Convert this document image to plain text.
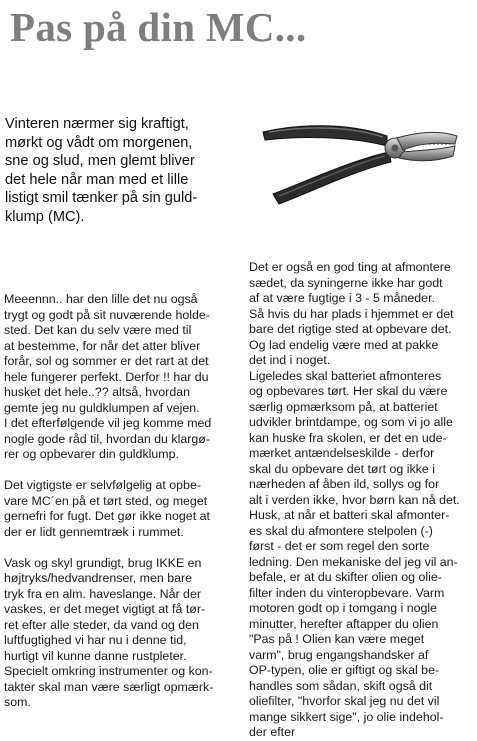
Pas på din MC...
Vinteren nærmer sig kraftigt,
mørkt og vådt om morgenen,
sne og slud, men glemt bliver
det hele når man med et lille
listigt smil tænker på sin guld-
klump (MC).
Meeennn.. har den lille det nu også
trygt og godt på sit nuværende holde-
sted. Det kan du selv være med til
at bestemme, for når det atter bliver
forår, sol og sommer er det rart at det
hele fungerer perfekt. Derfor !! har du
husket det hele..?? altså, hvordan
gemte jeg nu guldklumpen af vejen.
I det efterfølgende vil jeg komme med
nogle gode råd til, hvordan du klargø-
rer og opbevarer din guldklump.
Det vigtigste er selvfølgelig at opbe-
vare MC´en på et tørt sted, og meget
gernefri for fugt. Det gør ikke noget at
der er lidt gennemtræk i rummet.
Vask og skyl grundigt, brug IKKE en
højtryks/hedvandrenser, men bare
tryk fra en alm. haveslange. Når der
vaskes, er det meget vigtigt at få tør-
ret efter alle steder, da vand og den
luftfugtighed vi har nu i denne tid,
hurtigt vil kunne danne rustpleter.
Specielt omkring instrumenter og kon-
takter skal man være særligt opmærk-
som.
Det er også en god ting at afmontere
sædet, da syningerne ikke har godt
af at være fugtige i 3 - 5 måneder.
Så hvis du har plads i hjemmet er det
bare det rigtige sted at opbevare det.
Og lad endelig være med at pakke
det ind i noget.
Ligeledes skal batteriet afmonteres
og opbevares tørt. Her skal du være
særlig opmærksom på, at batteriet
udvikler brintdampe, og som vi jo alle
kan huske fra skolen, er det en ude-
mærket antændelseskilde - derfor
skal du opbevare det tørt og ikke i
nærheden af åben ild, sollys og for
alt i verden ikke, hvor børn kan nå det.
Husk, at når et batteri skal afmonter-
es skal du afmontere stelpolen (-)
først - det er som regel den sorte
ledning. Den mekaniske del jeg vil an-
befale, er at du skifter olien og olie-
filter inden du vinteropbevare. Varm
motoren godt op i tomgang i nogle
minutter, herefter aftapper du olien
"Pas på ! Olien kan være meget
varm", brug engangshandsker af
OP-typen, olie er giftigt og skal be-
handles som sådan, skift også dit
oliefilter, "hvorfor skal jeg nu det vil
mange sikkert sige", jo olie indehol-
der efter
